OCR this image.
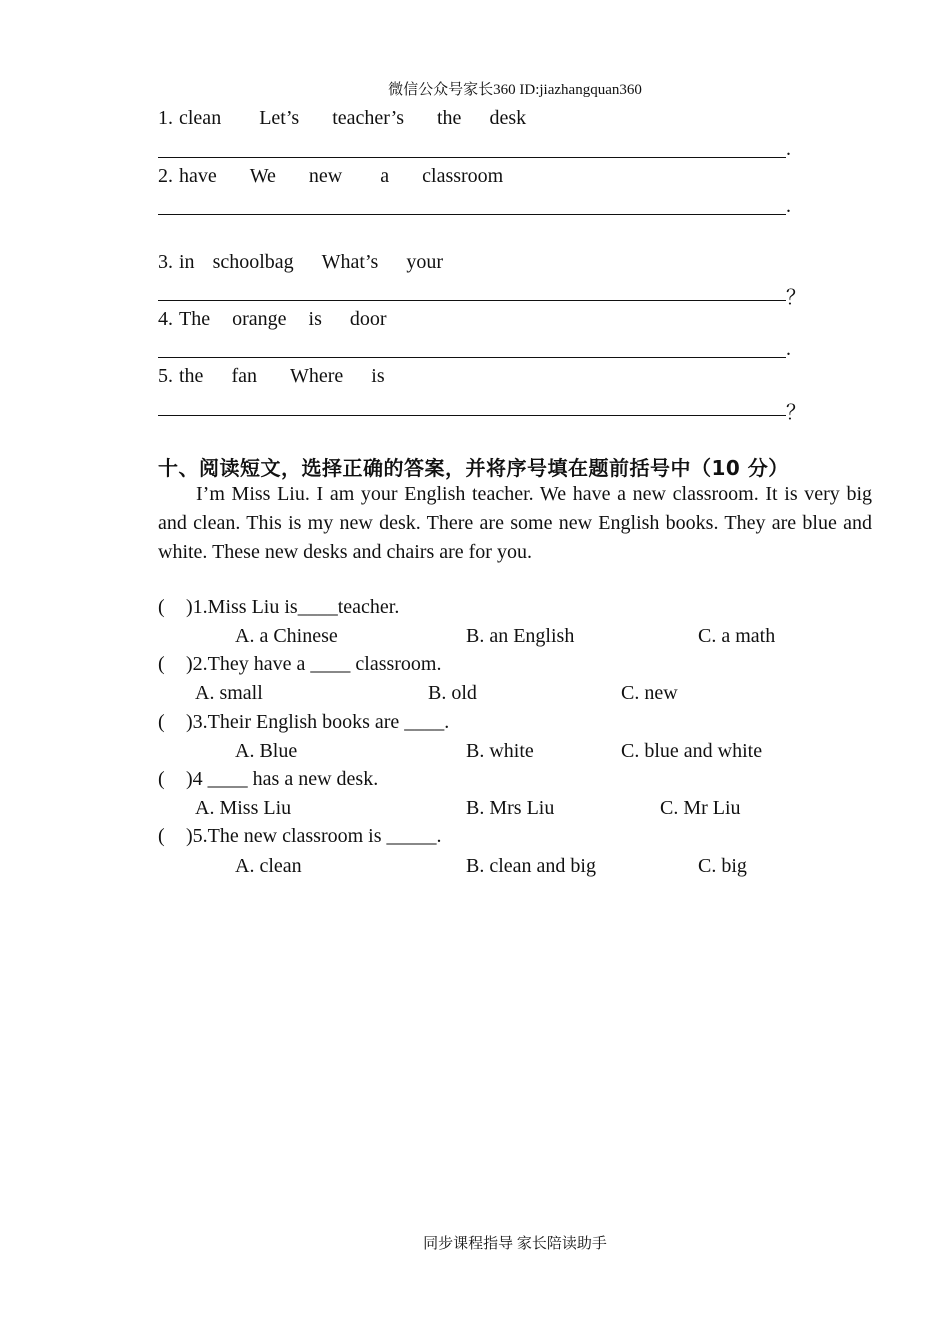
微信公众号家长360 ID:jiazhangquan360
1. clean Let’s teacher’s the desk
.
2. have We new a classroom
.
3. in schoolbag What’s your
？
4. The orange is door
.
5. the fan Where is
？
十、阅读短文，选择正确的答案，并将序号填在题前括号中（10 分）

I’m Miss Liu. I am your English teacher. We have a new classroom. It is very big and clean. This is my new desk. There are some new English books. They are blue and white. These new desks and chairs are for you.

( )1.Miss Liu is____teacher.
A. a Chinese	B. an English	C. a math
( )2.They have a ____ classroom.
A. small	B. old	C. new
( )3.Their English books are ____.
A. Blue	B. white	C. blue and white
( )4 ____ has a new desk.
A. Miss Liu	B. Mrs Liu	C. Mr Liu
( )5.The new classroom is _____.
A. clean	B. clean and big	C. big
同步课程指导 家长陪读助手
